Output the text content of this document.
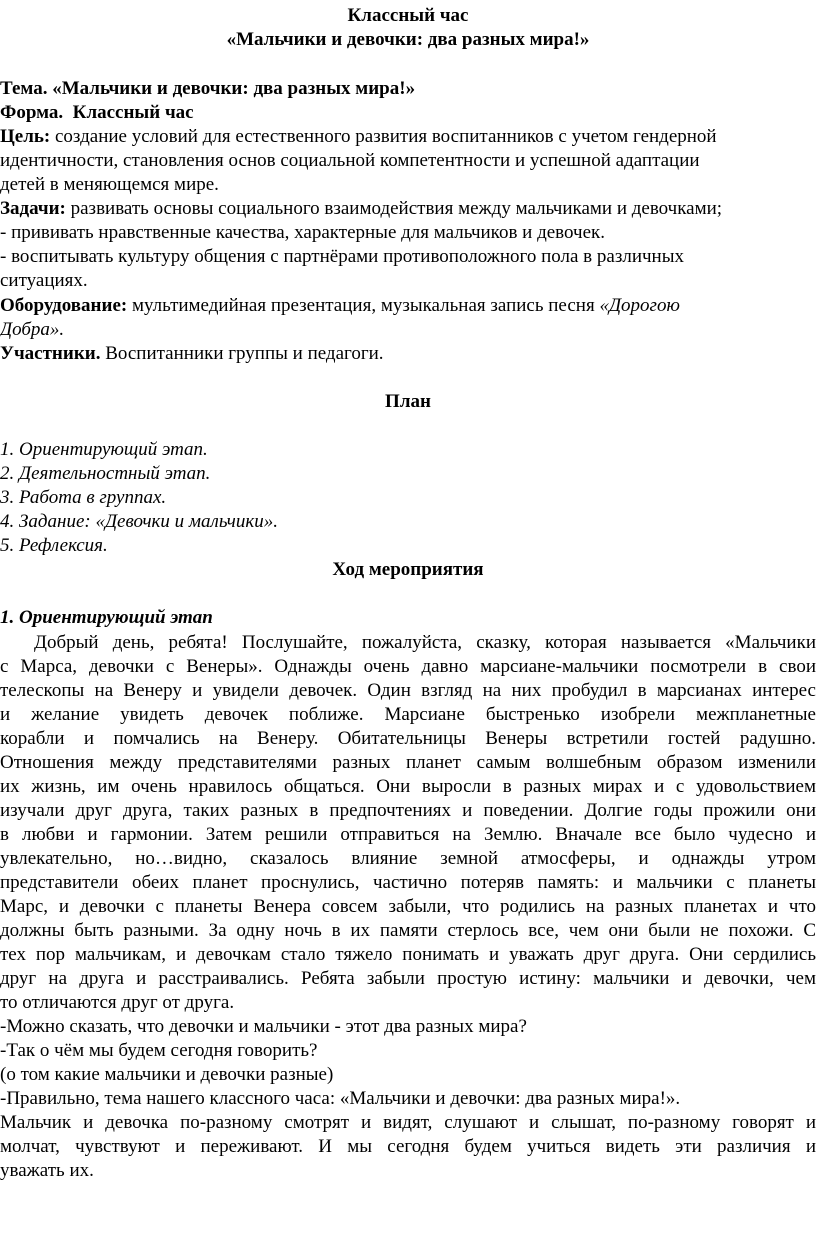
Классный час
«Мальчики и девочки: два разных мира!»
Тема. «Мальчики и девочки: два разных мира!»
Форма. Классный час
Цель: создание условий для естественного развития воспитанников с учетом гендерной
идентичности, становления основ социальной компетентности и успешной адаптации
детей в меняющемся мире.
Задачи: развивать основы социального взаимодействия между мальчиками и девочками;
- прививать нравственные качества, характерные для мальчиков и девочек.
- воспитывать культуру общения с партнёрами противоположного пола в различных
ситуациях.
Оборудование: мультимедийная презентация, музыкальная запись песня «Дорогою
Добра».
Участники. Воспитанники группы и педагоги.
План
1. Ориентирующий этап.
2. Деятельностный этап.
3. Работа в группах.
4. Задание: «Девочки и мальчики».
5. Рефлексия.
Ход мероприятия
1. Ориентирующий этап
Добрый день, ребята! Послушайте, пожалуйста, сказку, которая называется «Мальчики
с Марса, девочки с Венеры». Однажды очень давно марсиане-мальчики посмотрели в свои
телескопы на Венеру и увидели девочек. Один взгляд на них пробудил в марсианах интерес
и желание увидеть девочек поближе. Марсиане быстренько изобрели межпланетные
корабли и помчались на Венеру. Обитательницы Венеры встретили гостей радушно.
Отношения между представителями разных планет самым волшебным образом изменили
их жизнь, им очень нравилось общаться. Они выросли в разных мирах и с удовольствием
изучали друг друга, таких разных в предпочтениях и поведении. Долгие годы прожили они
в любви и гармонии. Затем решили отправиться на Землю. Вначале все было чудесно и
увлекательно, но…видно, сказалось влияние земной атмосферы, и однажды утром
представители обеих планет проснулись, частично потеряв память: и мальчики с планеты
Марс, и девочки с планеты Венера совсем забыли, что родились на разных планетах и что
должны быть разными. За одну ночь в их памяти стерлось все, чем они были не похожи. С
тех пор мальчикам, и девочкам стало тяжело понимать и уважать друг друга. Они сердились
друг на друга и расстраивались. Ребята забыли простую истину: мальчики и девочки, чем
то отличаются друг от друга.
-Можно сказать, что девочки и мальчики - этот два разных мира?
-Так о чём мы будем сегодня говорить?
(о том какие мальчики и девочки разные)
-Правильно, тема нашего классного часа: «Мальчики и девочки: два разных мира!».
Мальчик и девочка по-разному смотрят и видят, слушают и слышат, по-разному говорят и
молчат, чувствуют и переживают. И мы сегодня будем учиться видеть эти различия и
уважать их.
